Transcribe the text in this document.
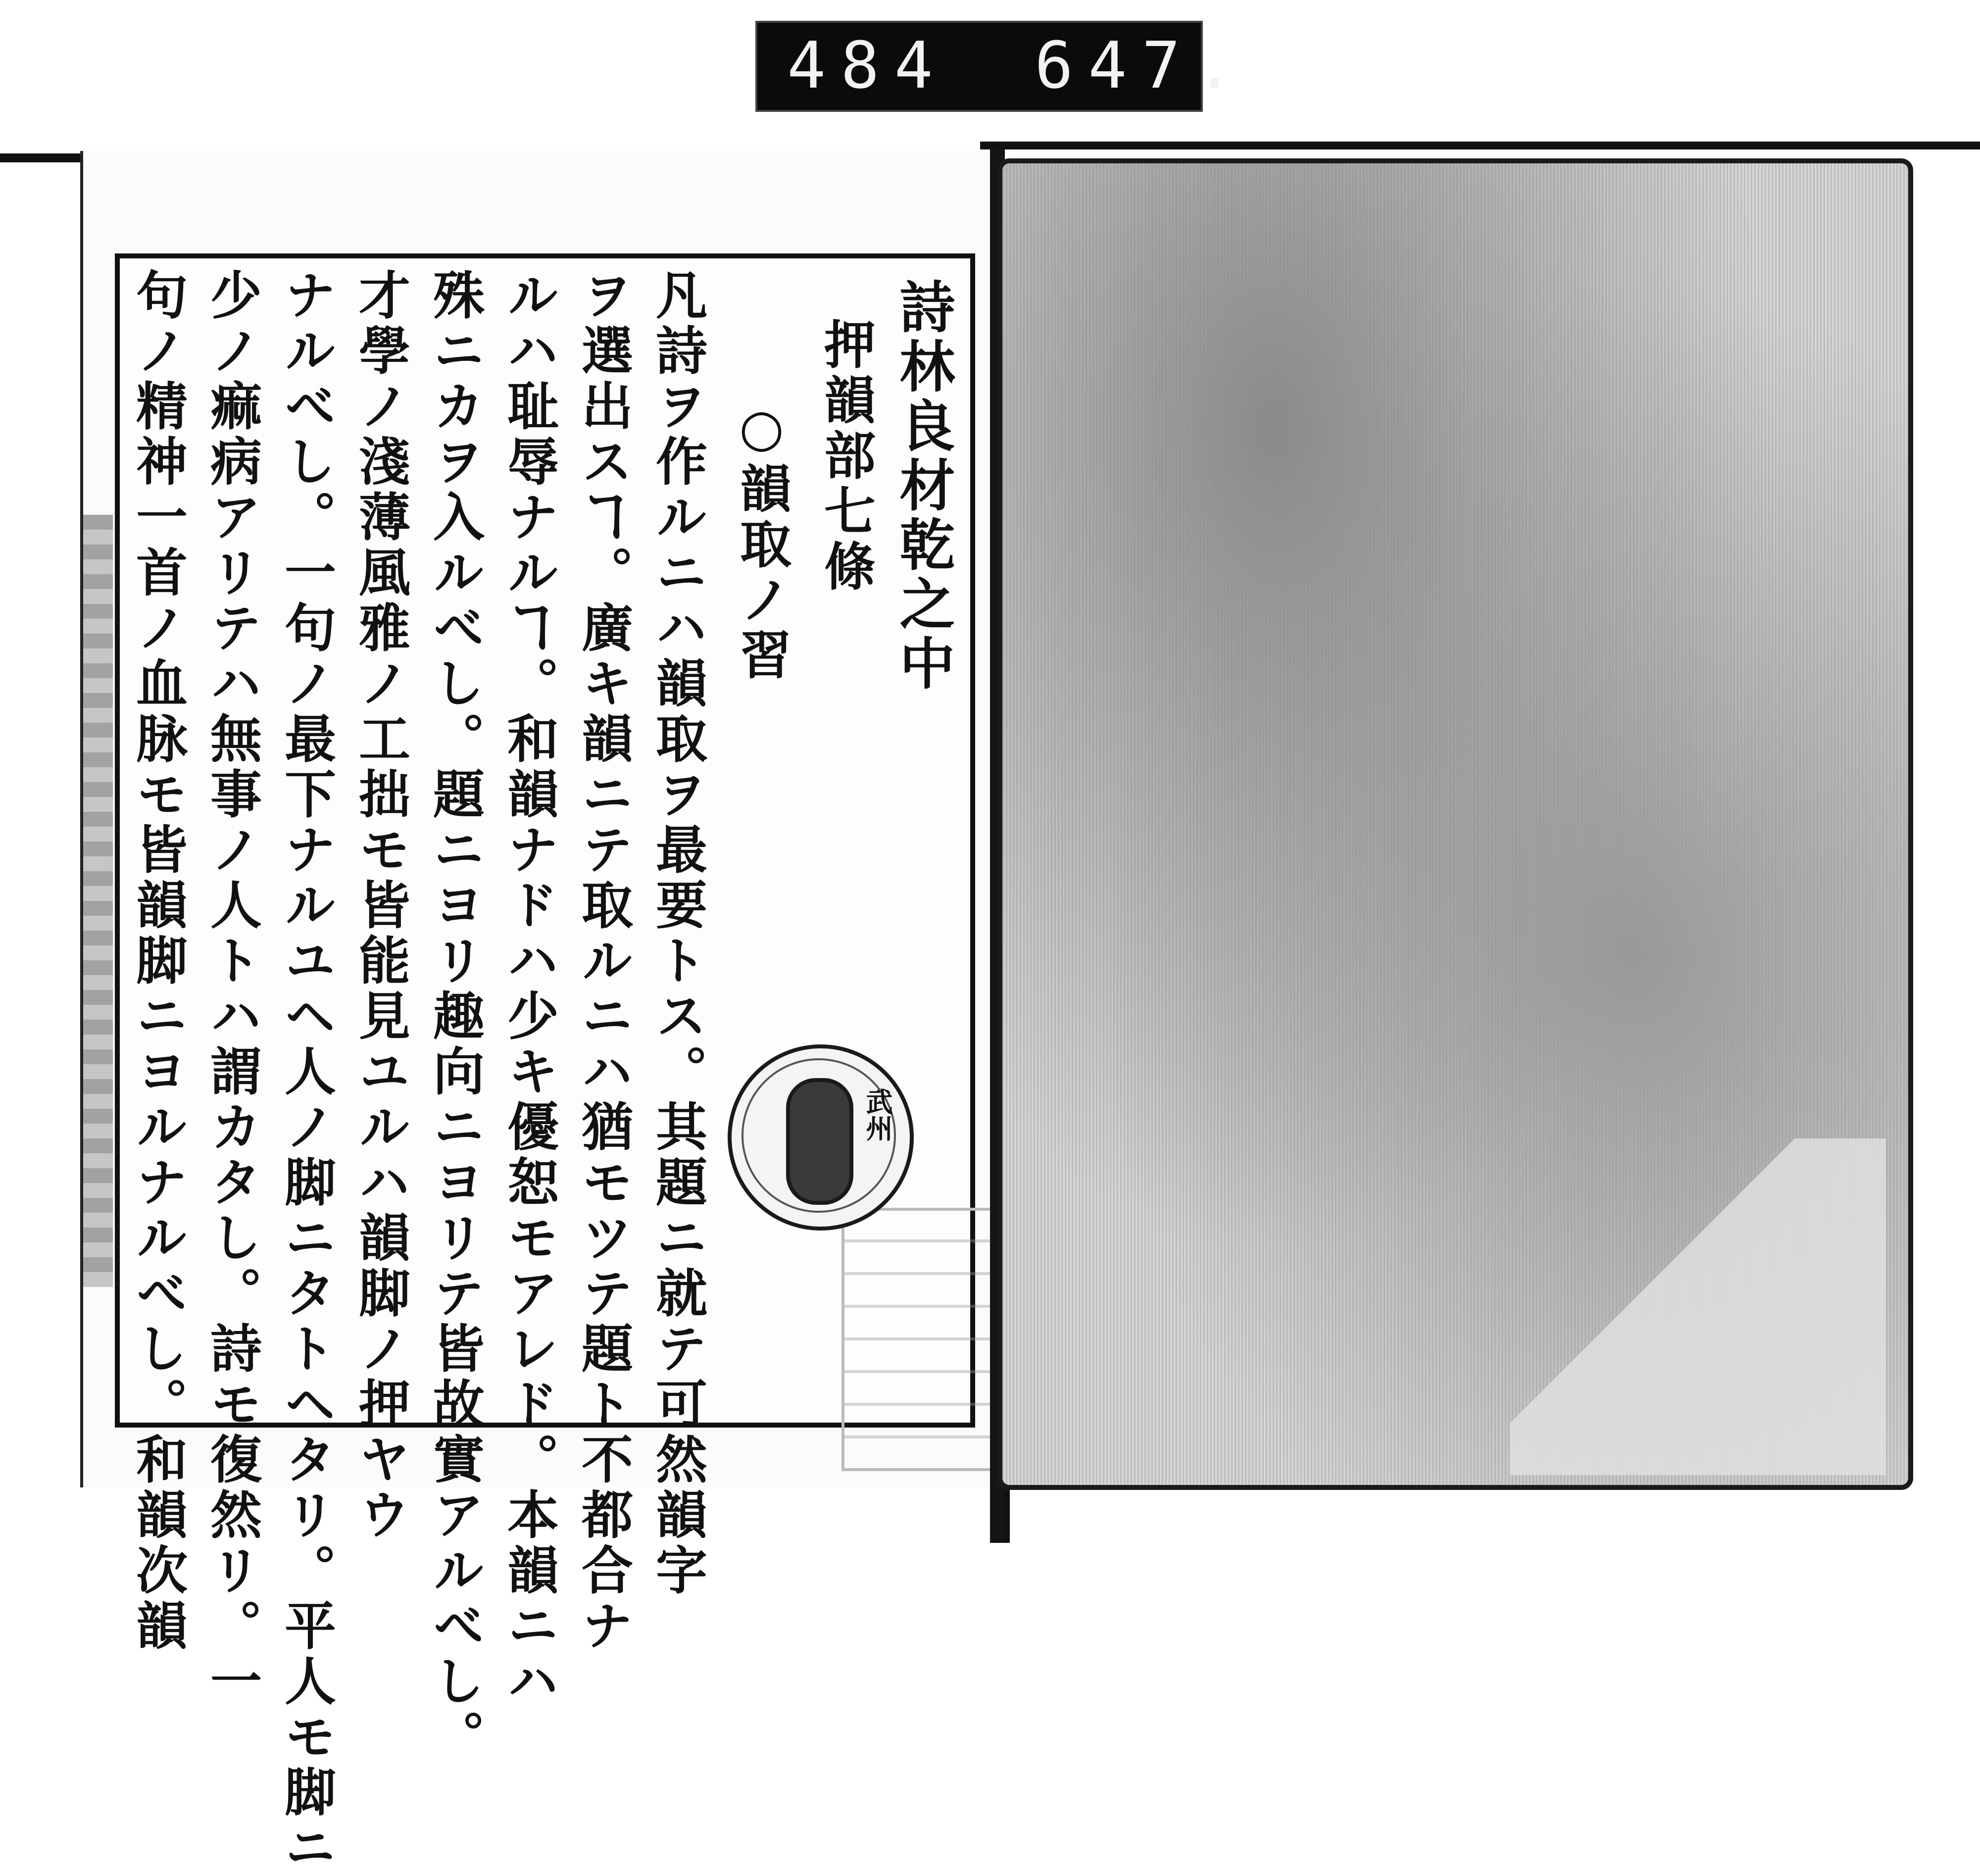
484 647.
詩林良材乾之中
押韻部七條
○韻取ノ習
凡詩ヲ作ルニハ韻取ヲ最要トス。其題ニ就テ可然韻字
ヲ選出スヿ。廣キ韻ニテ取ルニハ猶モツテ題ト不都合ナ
ルハ耻辱ナルヿ。和韻ナドハ少キ優恕モアレド。本韻ニハ
殊ニカヲ入ルべし。題ニヨリ趣向ニヨリテ皆故實アルべし。
才學ノ淺薄風雅ノ工拙モ皆能見ユルハ韻脚ノ押ヤウ
ナルべし。一句ノ最下ナルユヘ人ノ脚ニタトヘタリ。平人モ脚ニ
少ノ痲病アリテハ無事ノ人トハ謂カタし。詩モ復然リ。一
句ノ精神一首ノ血脉モ皆韻脚ニヨルナルべし。和韻次韻	武州
